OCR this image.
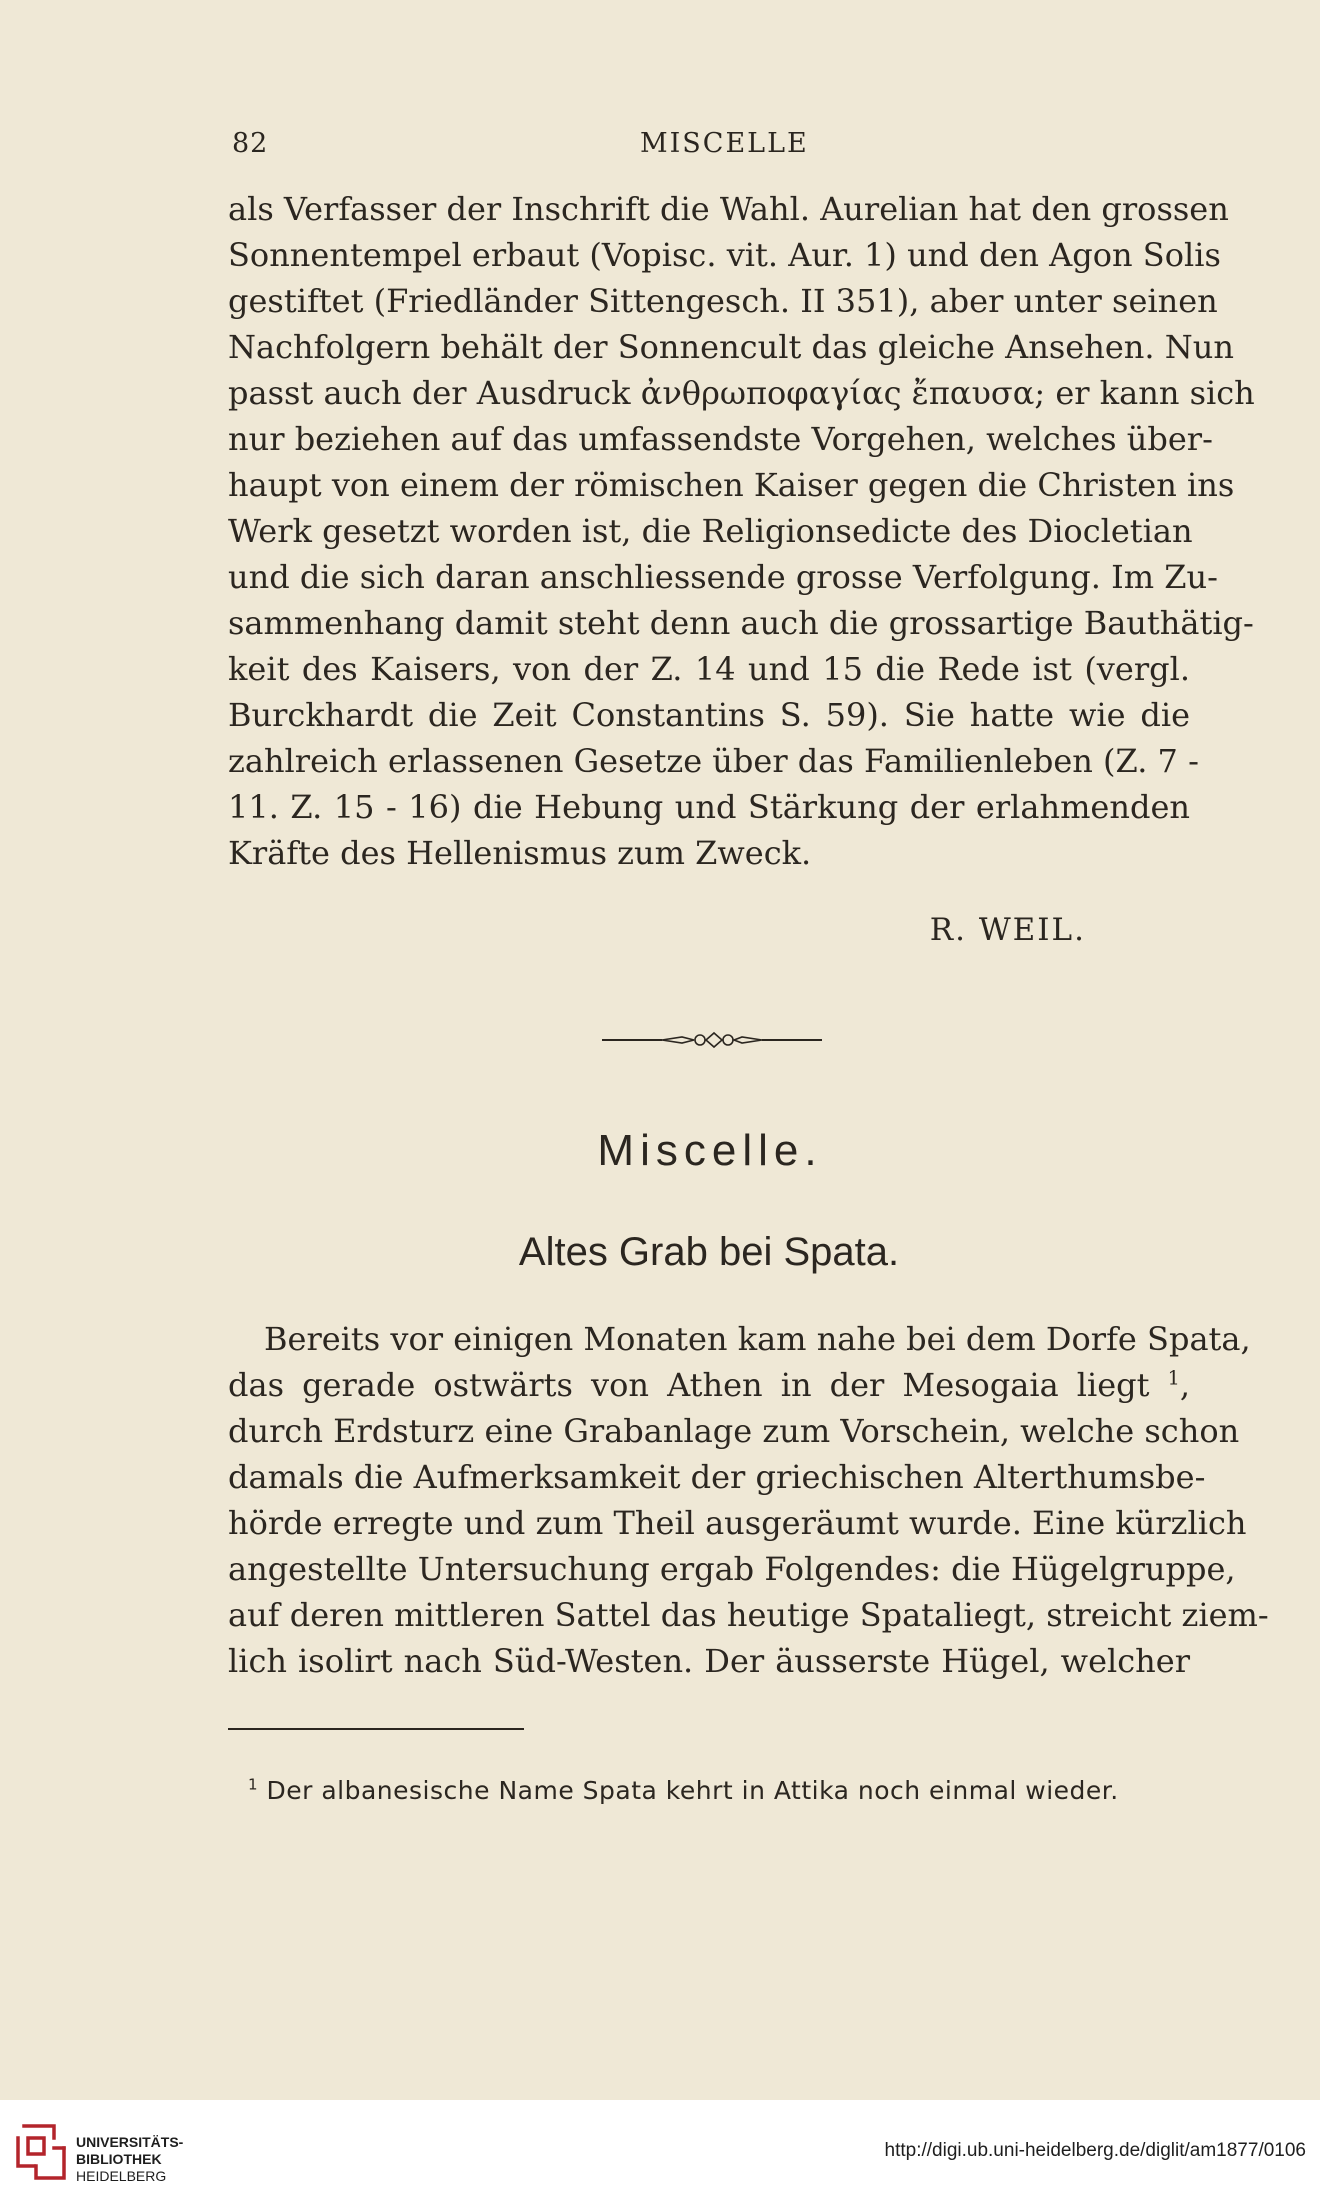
82	MISCELLE
als Verfasser der Inschrift die Wahl. Aurelian hat den grossen
Sonnentempel erbaut (Vopisc. vit. Aur. 1) und den Agon Solis
gestiftet (Friedländer Sittengesch. II 351), aber unter seinen
Nachfolgern behält der Sonnencult das gleiche Ansehen. Nun
passt auch der Ausdruck ἀνθρωποφαγίας ἔπαυσα; er kann sich
nur beziehen auf das umfassendste Vorgehen, welches über-
haupt von einem der römischen Kaiser gegen die Christen ins
Werk gesetzt worden ist, die Religionsedicte des Diocletian
und die sich daran anschliessende grosse Verfolgung. Im Zu-
sammenhang damit steht denn auch die grossartige Bauthätig-
keit des Kaisers, von der Z. 14 und 15 die Rede ist (vergl.
Burckhardt die Zeit Constantins S. 59). Sie hatte wie die
zahlreich erlassenen Gesetze über das Familienleben (Z. 7 -
11. Z. 15 - 16) die Hebung und Stärkung der erlahmenden
Kräfte des Hellenismus zum Zweck.
R. WEIL.
Miscelle.
Altes Grab bei Spata.
Bereits vor einigen Monaten kam nahe bei dem Dorfe Spata,
das gerade ostwärts von Athen in der Mesogaia liegt $^1$,
durch Erdsturz eine Grabanlage zum Vorschein, welche schon
damals die Aufmerksamkeit der griechischen Alterthumsbe-
hörde erregte und zum Theil ausgeräumt wurde. Eine kürzlich
angestellte Untersuchung ergab Folgendes: die Hügelgruppe,
auf deren mittleren Sattel das heutige Spataliegt, streicht ziem-
lich isolirt nach Süd-Westen. Der äusserste Hügel, welcher
$^1$ Der albanesische Name Spata kehrt in Attika noch einmal wieder.
UNIVERSITÄTS-
BIBLIOTHEK
HEIDELBERG
http://digi.ub.uni-heidelberg.de/diglit/am1877/0106
